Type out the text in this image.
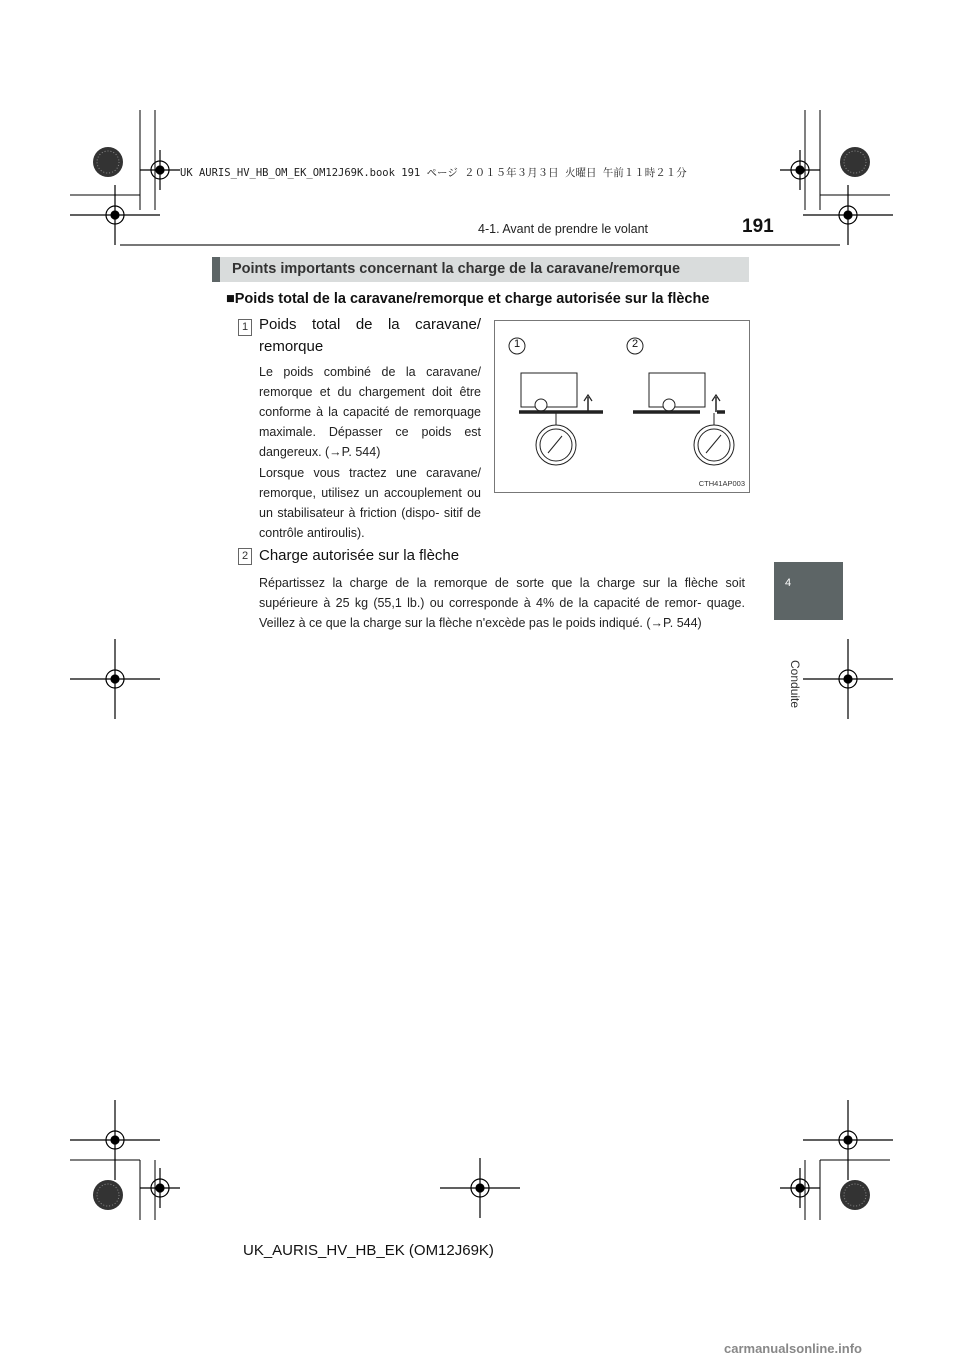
UK AURIS_HV_HB_OM_EK_OM12J69K.book 191 ページ ２０１５年３月３日 火曜日 午前１１時２１分
191
4-1. Avant de prendre le volant
4
Conduite
Points importants concernant la charge de la caravane/remorque
■Poids total de la caravane/remorque et charge autorisée sur la flèche
1 Poids total de la caravane/ remorque
Le poids combiné de la caravane/ remorque et du chargement doit être conforme à la capacité de remorquage maximale. Dépasser ce poids est dangereux. (→P. 544)
Lorsque vous tractez une caravane/ remorque, utilisez un accouplement ou un stabilisateur à friction (dispo- sitif de contrôle antiroulis).
1	2
CTH41AP003
2 Charge autorisée sur la flèche
Répartissez la charge de la remorque de sorte que la charge sur la flèche soit supérieure à 25 kg (55,1 lb.) ou corresponde à 4% de la capacité de remor- quage. Veillez à ce que la charge sur la flèche n'excède pas le poids indiqué. (→P. 544)
UK_AURIS_HV_HB_EK (OM12J69K)
carmanualsonline.info
